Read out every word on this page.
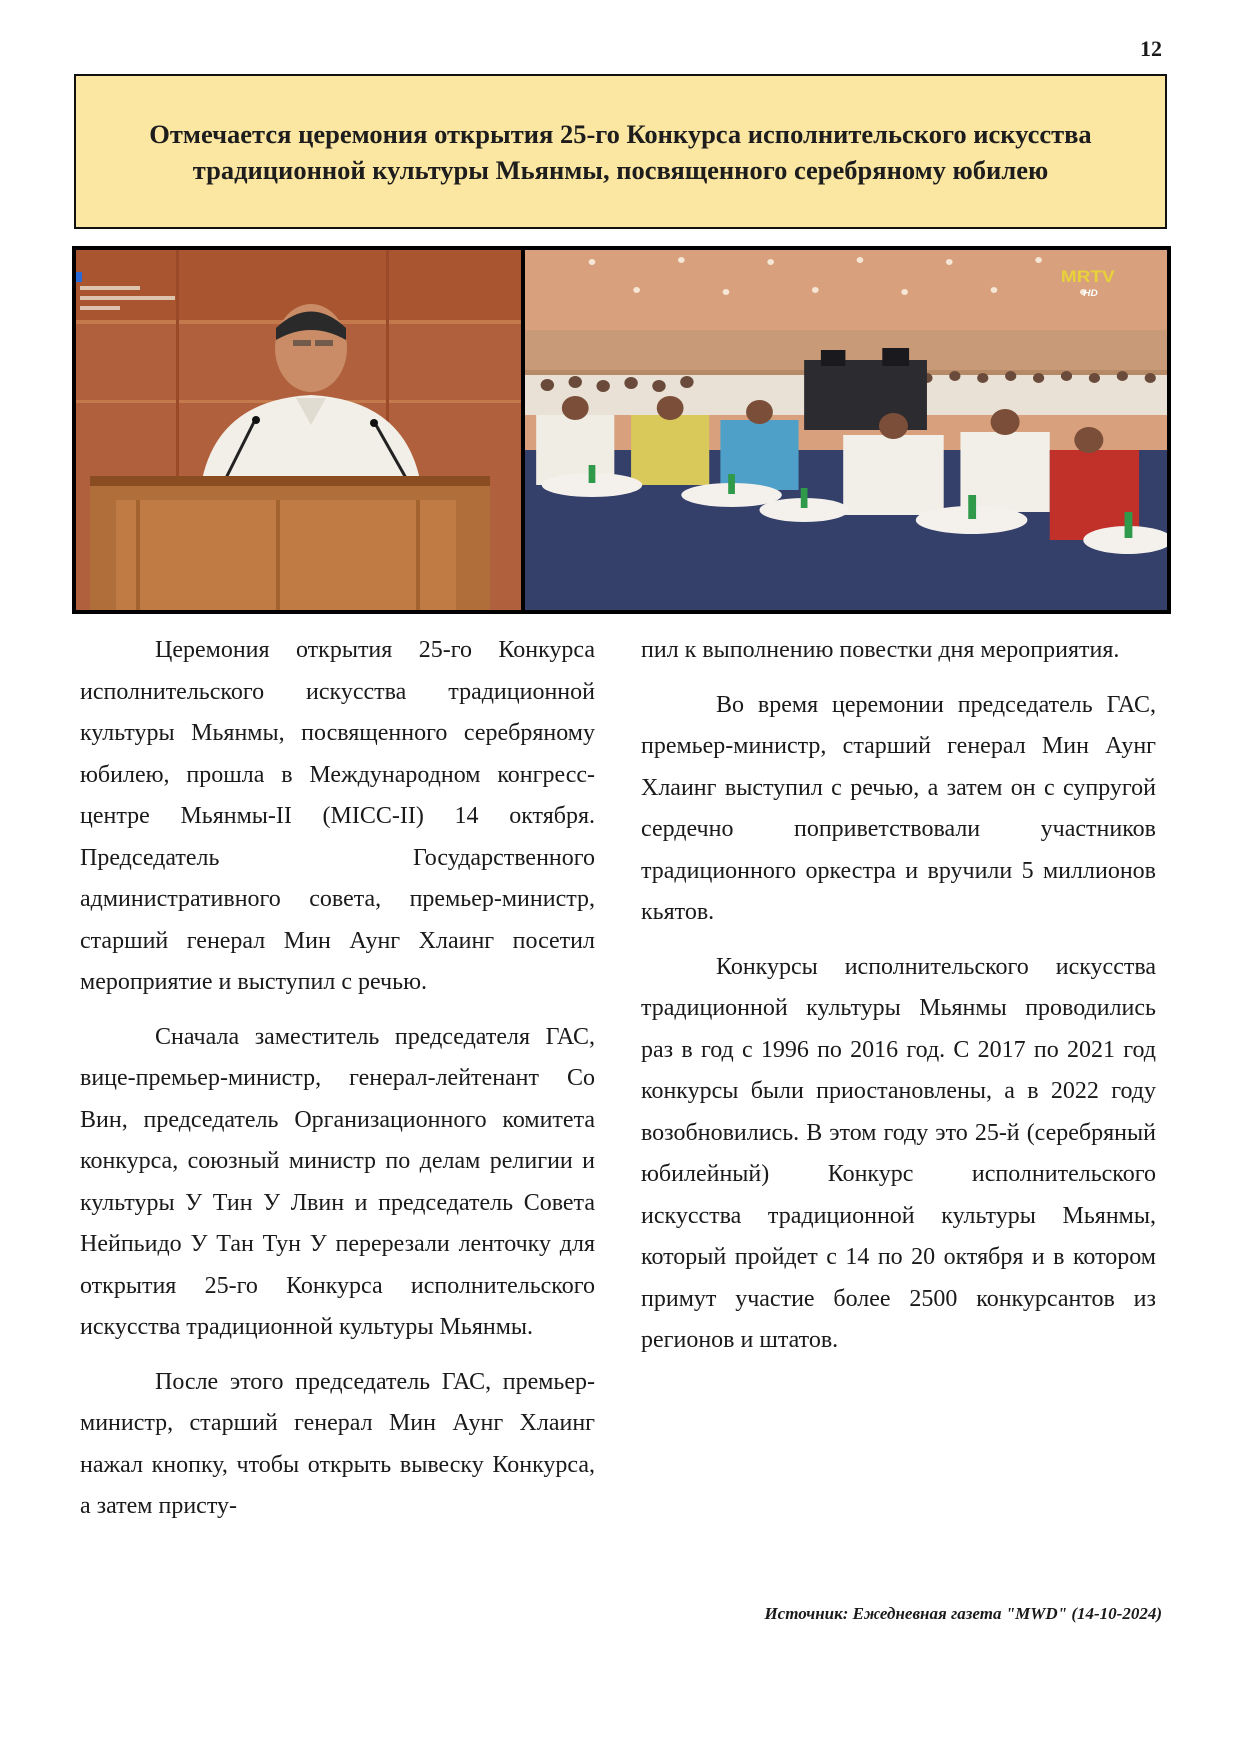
12
Отмечается церемония открытия 25-го Конкурса исполнительского искусства традиционной культуры Мьянмы, посвященного серебряному юбилею
MRTV
HD

Церемония открытия 25-го Конкурса исполнительского искусства традиционной культуры Мьянмы, посвященного серебряному юбилею, прошла в Международном конгресс-центре Мьянмы-II (MICC-II) 14 октября. Председатель Государственного административного совета, премьер-министр, старший генерал Мин Аунг Хлаинг посетил мероприятие и выступил с речью.

Сначала заместитель председателя ГАС, вице-премьер-министр, генерал-лейтенант Со Вин, председатель Организационного комитета конкурса, союзный министр по делам религии и культуры У Тин У Лвин и председатель Совета Нейпьидо У Тан Тун У перерезали ленточку для открытия 25-го Конкурса исполнительского искусства традиционной культуры Мьянмы.

После этого председатель ГАС, премьер-министр, старший генерал Мин Аунг Хлаинг нажал кнопку, чтобы открыть вывеску Конкурса, а затем присту-

пил к выполнению повестки дня мероприятия.

Во время церемонии председатель ГАС, премьер-министр, старший генерал Мин Аунг Хлаинг выступил с речью, а затем он с супругой сердечно поприветствовали участников традиционного оркестра и вручили 5 миллионов кьятов.

Конкурсы исполнительского искусства традиционной культуры Мьянмы проводились раз в год с 1996 по 2016 год. С 2017 по 2021 год конкурсы были приостановлены, а в 2022 году возобновились. В этом году это 25-й (серебряный юбилейный) Конкурс исполнительского искусства традиционной культуры Мьянмы, который пройдет с 14 по 20 октября и в котором примут участие более 2500 конкурсантов из регионов и штатов.

Источник: Ежедневная газета "MWD" (14-10-2024)
